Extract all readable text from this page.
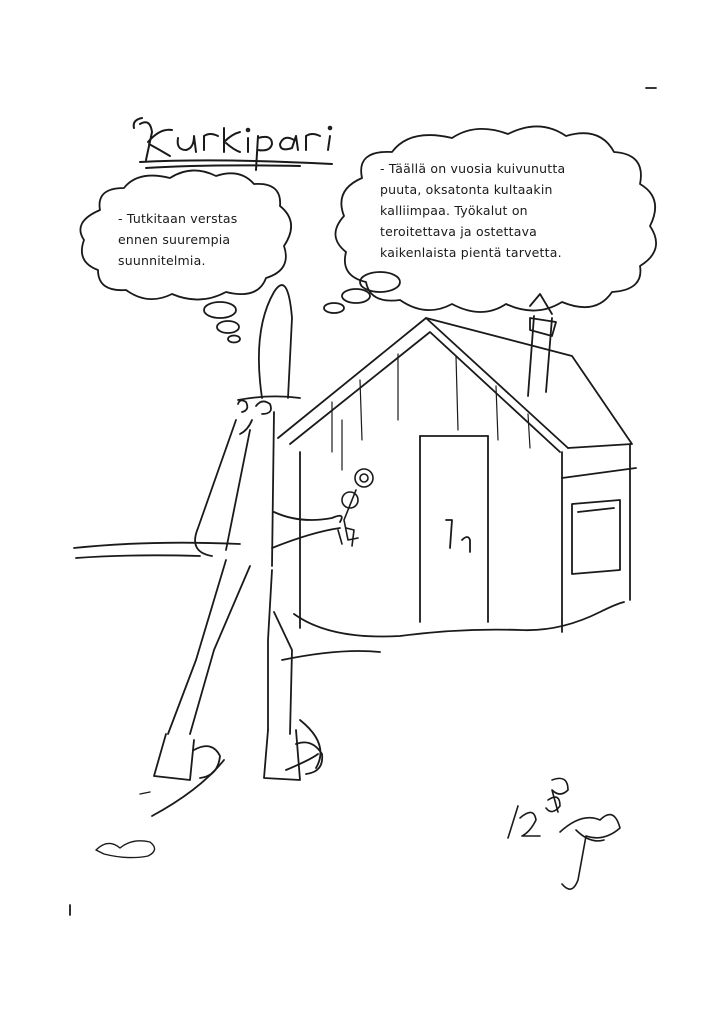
- Tutkitaan verstas
ennen suurempia
suunnitelmia.
- Täällä on vuosia kuivunutta
puuta, oksatonta kultaakin
kalliimpaa. Työkalut on
teroitettava ja ostettava
kaikenlaista pientä tarvetta.
